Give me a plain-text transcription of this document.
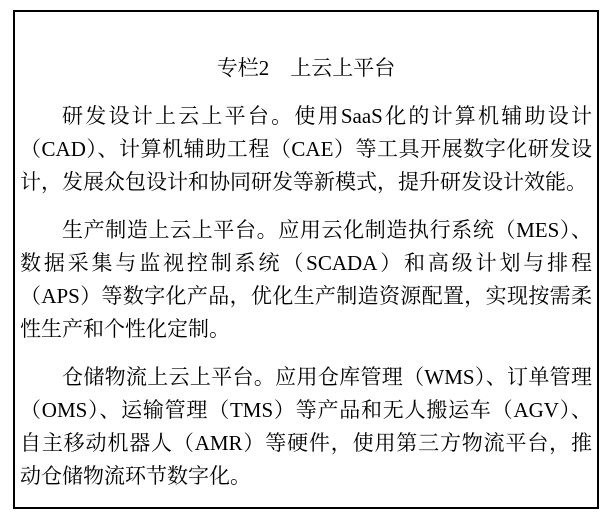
专栏2　上云上平台

研发设计上云上平台。使用SaaS化的计算机辅助设计（CAD）、计算机辅助工程（CAE）等工具开展数字化研发设计，发展众包设计和协同研发等新模式，提升研发设计效能。

生产制造上云上平台。应用云化制造执行系统（MES）、数据采集与监视控制系统（SCADA）和高级计划与排程（APS）等数字化产品，优化生产制造资源配置，实现按需柔性生产和个性化定制。

仓储物流上云上平台。应用仓库管理（WMS）、订单管理（OMS）、运输管理（TMS）等产品和无人搬运车（AGV）、自主移动机器人（AMR）等硬件，使用第三方物流平台，推动仓储物流环节数字化。
